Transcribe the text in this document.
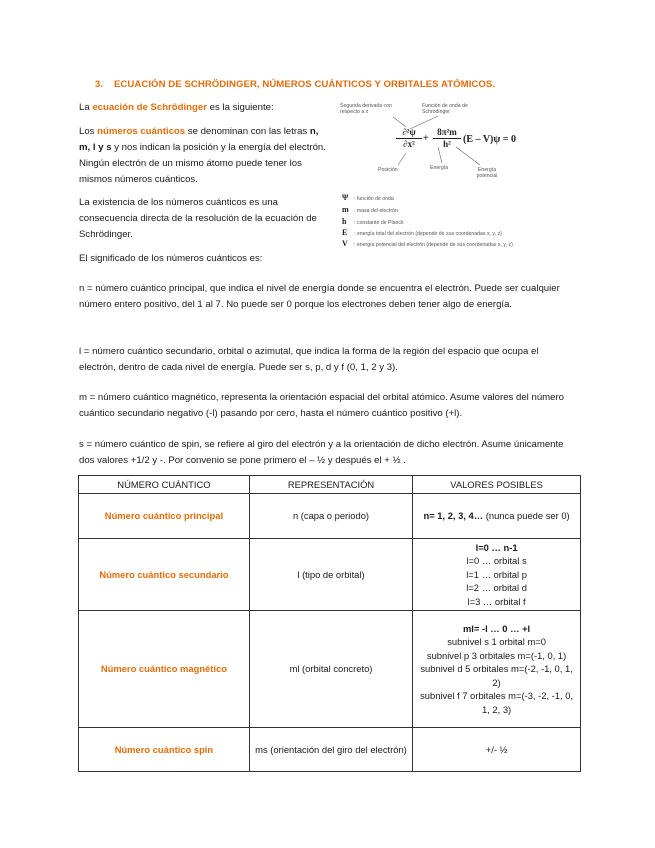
3. ECUACIÓN DE SCHRÖDINGER, NÚMEROS CUÁNTICOS Y ORBITALES ATÓMICOS.
La ecuación de Schrödinger es la siguiente:
Los números cuánticos se denominan con las letras n, m, l y s y nos indican la posición y la energía del electrón. Ningún electrón de un mismo átomo puede tener los mismos números cuánticos.
La existencia de los números cuánticos es una consecuencia directa de la resolución de la ecuación de Schrödinger.
El significado de los números cuánticos es:
Segunda derivada con respecto a x
Función de onda de Schrödinger
∂²ψ
∂x² +
8π²m
h²	(E – V)ψ = 0
Posición	Energía	Energía potencial
Ψ : función de onda
m : masa del electrón
h : constante de Planck
E : energía total del electrón (depende de sus coordenadas x, y, z)
V : energía potencial del electrón (depende de sus coordenadas x, y, z)
n = número cuántico principal, que indica el nivel de energía donde se encuentra el electrón. Puede ser cualquier número entero positivo, del 1 al 7. No puede ser 0 porque los electrones deben tener algo de energía.
l = número cuántico secundario, orbital o azimutal, que indica la forma de la región del espacio que ocupa el electrón, dentro de cada nivel de energía. Puede ser s, p, d y f (0, 1, 2 y 3).
m = número cuántico magnético, representa la orientación espacial del orbital atómico. Asume valores del número cuántico secundario negativo (-l) pasando por cero, hasta el número cuántico positivo (+l).
s = número cuántico de spin, se refiere al giro del electrón y a la orientación de dicho electrón. Asume únicamente dos valores +1/2 y -. Por convenio se pone primero el – ½ y después el + ½ .
NÚMERO CUÁNTICO	REPRESENTACIÓN	VALORES POSIBLES
Número cuántico principal	n (capa o periodo)	n= 1, 2, 3, 4… (nunca puede ser 0)
Número cuántico secundario	l (tipo de orbital)	l=0 … n-1
l=0 … orbital s
l=1 … orbital p
l=2 … orbital d
l=3 … orbital f

Número cuántico magnético	ml (orbital concreto)	ml= -l … 0 … +l
subnivel s 1 orbital m=0
subnivel p 3 orbitales m=(-1, 0, 1)
subnivel d 5 orbitales m=(-2, -1, 0, 1, 2)
subnivel f 7 orbitales m=(-3, -2, -1, 0, 1, 2, 3)

Número cuántico spin	ms (orientación del giro del electrón)	+/- ½
